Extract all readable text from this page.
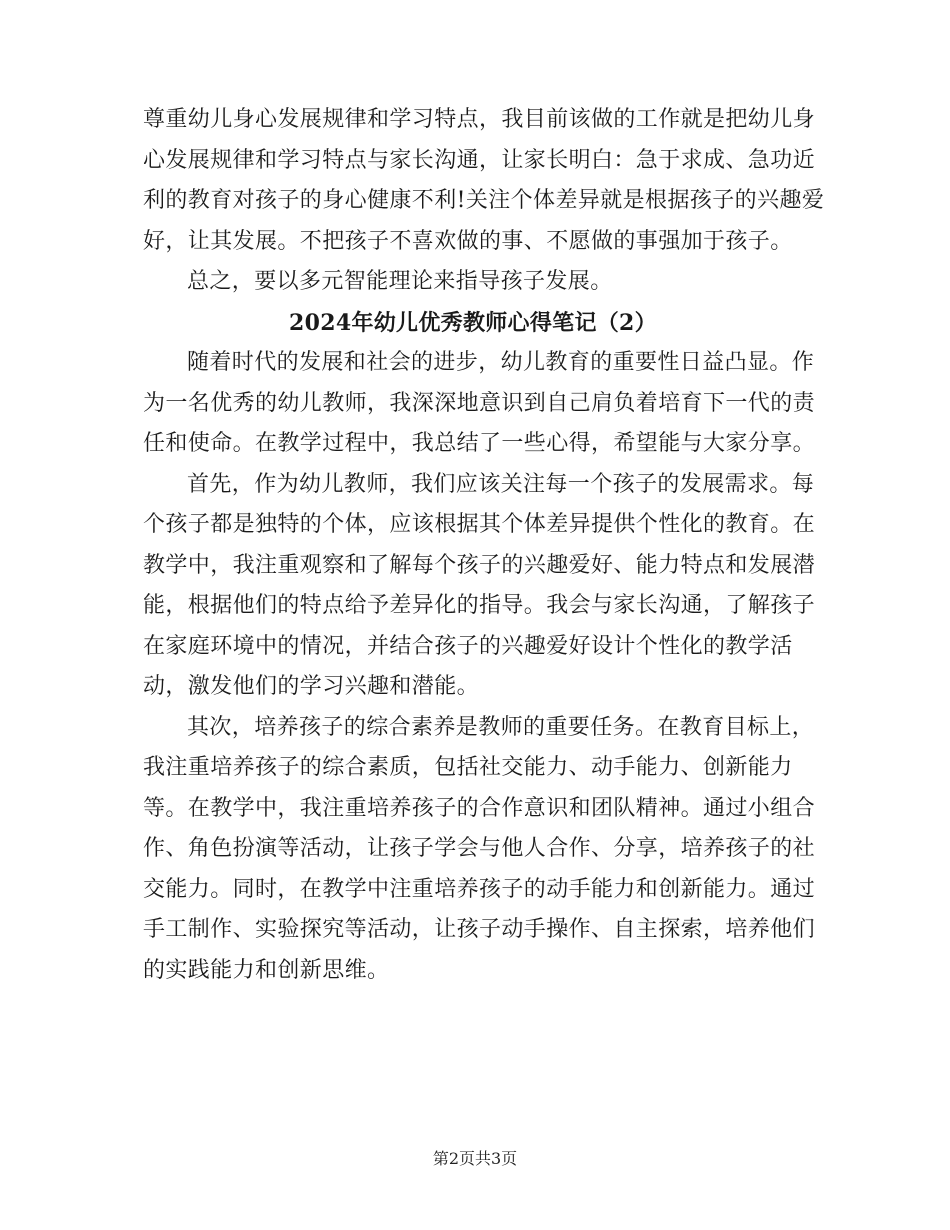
尊重幼儿身心发展规律和学习特点，我目前该做的工作就是把幼儿身
心发展规律和学习特点与家长沟通，让家长明白：急于求成、急功近
利的教育对孩子的身心健康不利!关注个体差异就是根据孩子的兴趣爱
好，让其发展。不把孩子不喜欢做的事、不愿做的事强加于孩子。

总之，要以多元智能理论来指导孩子发展。

2024年幼儿优秀教师心得笔记（2）

随着时代的发展和社会的进步，幼儿教育的重要性日益凸显。作
为一名优秀的幼儿教师，我深深地意识到自己肩负着培育下一代的责
任和使命。在教学过程中，我总结了一些心得，希望能与大家分享。

首先，作为幼儿教师，我们应该关注每一个孩子的发展需求。每
个孩子都是独特的个体，应该根据其个体差异提供个性化的教育。在
教学中，我注重观察和了解每个孩子的兴趣爱好、能力特点和发展潜
能，根据他们的特点给予差异化的指导。我会与家长沟通，了解孩子
在家庭环境中的情况，并结合孩子的兴趣爱好设计个性化的教学活
动，激发他们的学习兴趣和潜能。

其次，培养孩子的综合素养是教师的重要任务。在教育目标上，
我注重培养孩子的综合素质，包括社交能力、动手能力、创新能力
等。在教学中，我注重培养孩子的合作意识和团队精神。通过小组合
作、角色扮演等活动，让孩子学会与他人合作、分享，培养孩子的社
交能力。同时，在教学中注重培养孩子的动手能力和创新能力。通过
手工制作、实验探究等活动，让孩子动手操作、自主探索，培养他们
的实践能力和创新思维。

第2页共3页
